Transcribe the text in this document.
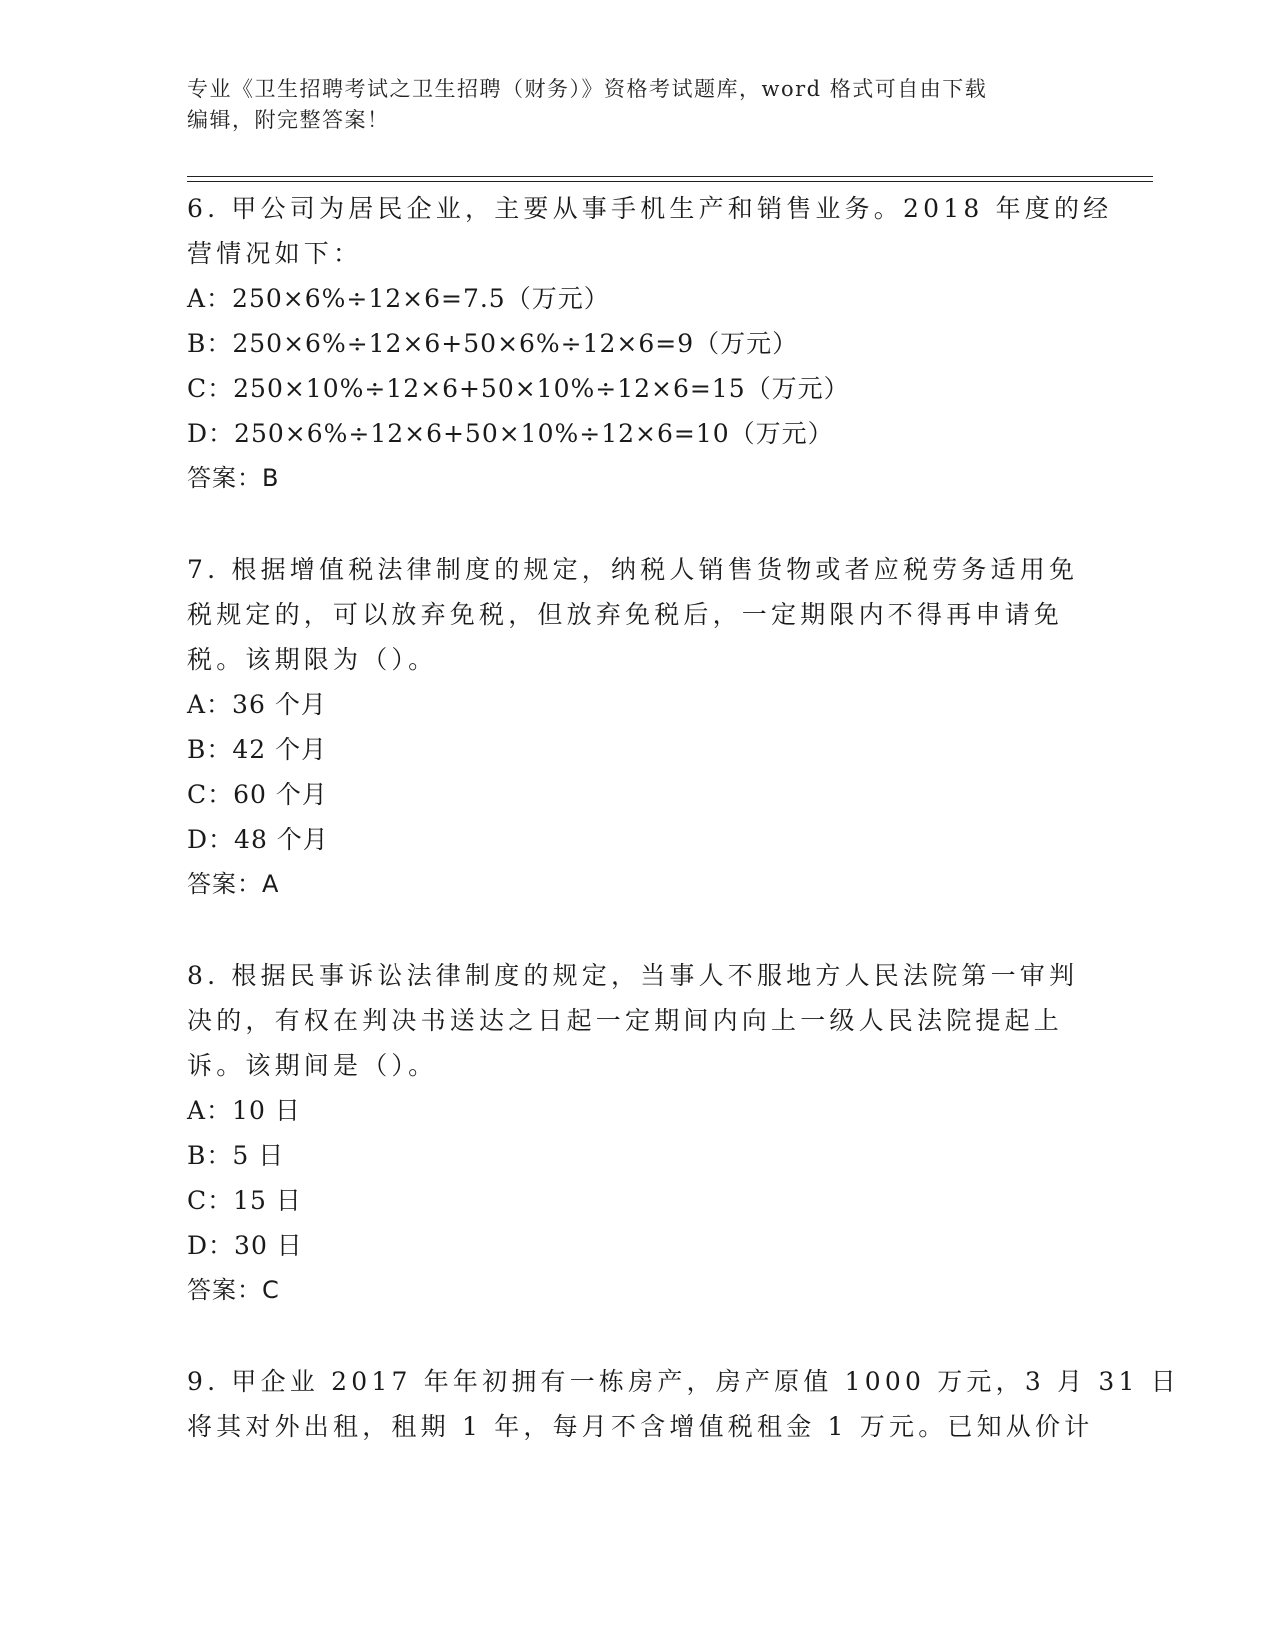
专业《卫生招聘考试之卫生招聘（财务）》资格考试题库，word 格式可自由下载
编辑，附完整答案！
6. 甲公司为居民企业，主要从事手机生产和销售业务。2018 年度的经
营情况如下：
A：250×6%÷12×6=7.5（万元）
B：250×6%÷12×6+50×6%÷12×6=9（万元）
C：250×10%÷12×6+50×10%÷12×6=15（万元）
D：250×6%÷12×6+50×10%÷12×6=10（万元）
答案：B
7. 根据增值税法律制度的规定，纳税人销售货物或者应税劳务适用免
税规定的，可以放弃免税，但放弃免税后，一定期限内不得再申请免
税。该期限为（）。
A：36 个月
B：42 个月
C：60 个月
D：48 个月
答案：A
8. 根据民事诉讼法律制度的规定，当事人不服地方人民法院第一审判
决的，有权在判决书送达之日起一定期间内向上一级人民法院提起上
诉。该期间是（）。
A：10 日
B：5 日
C：15 日
D：30 日
答案：C
9. 甲企业 2017 年年初拥有一栋房产，房产原值 1000 万元，3 月 31 日
将其对外出租，租期 1 年，每月不含增值税租金 1 万元。已知从价计
